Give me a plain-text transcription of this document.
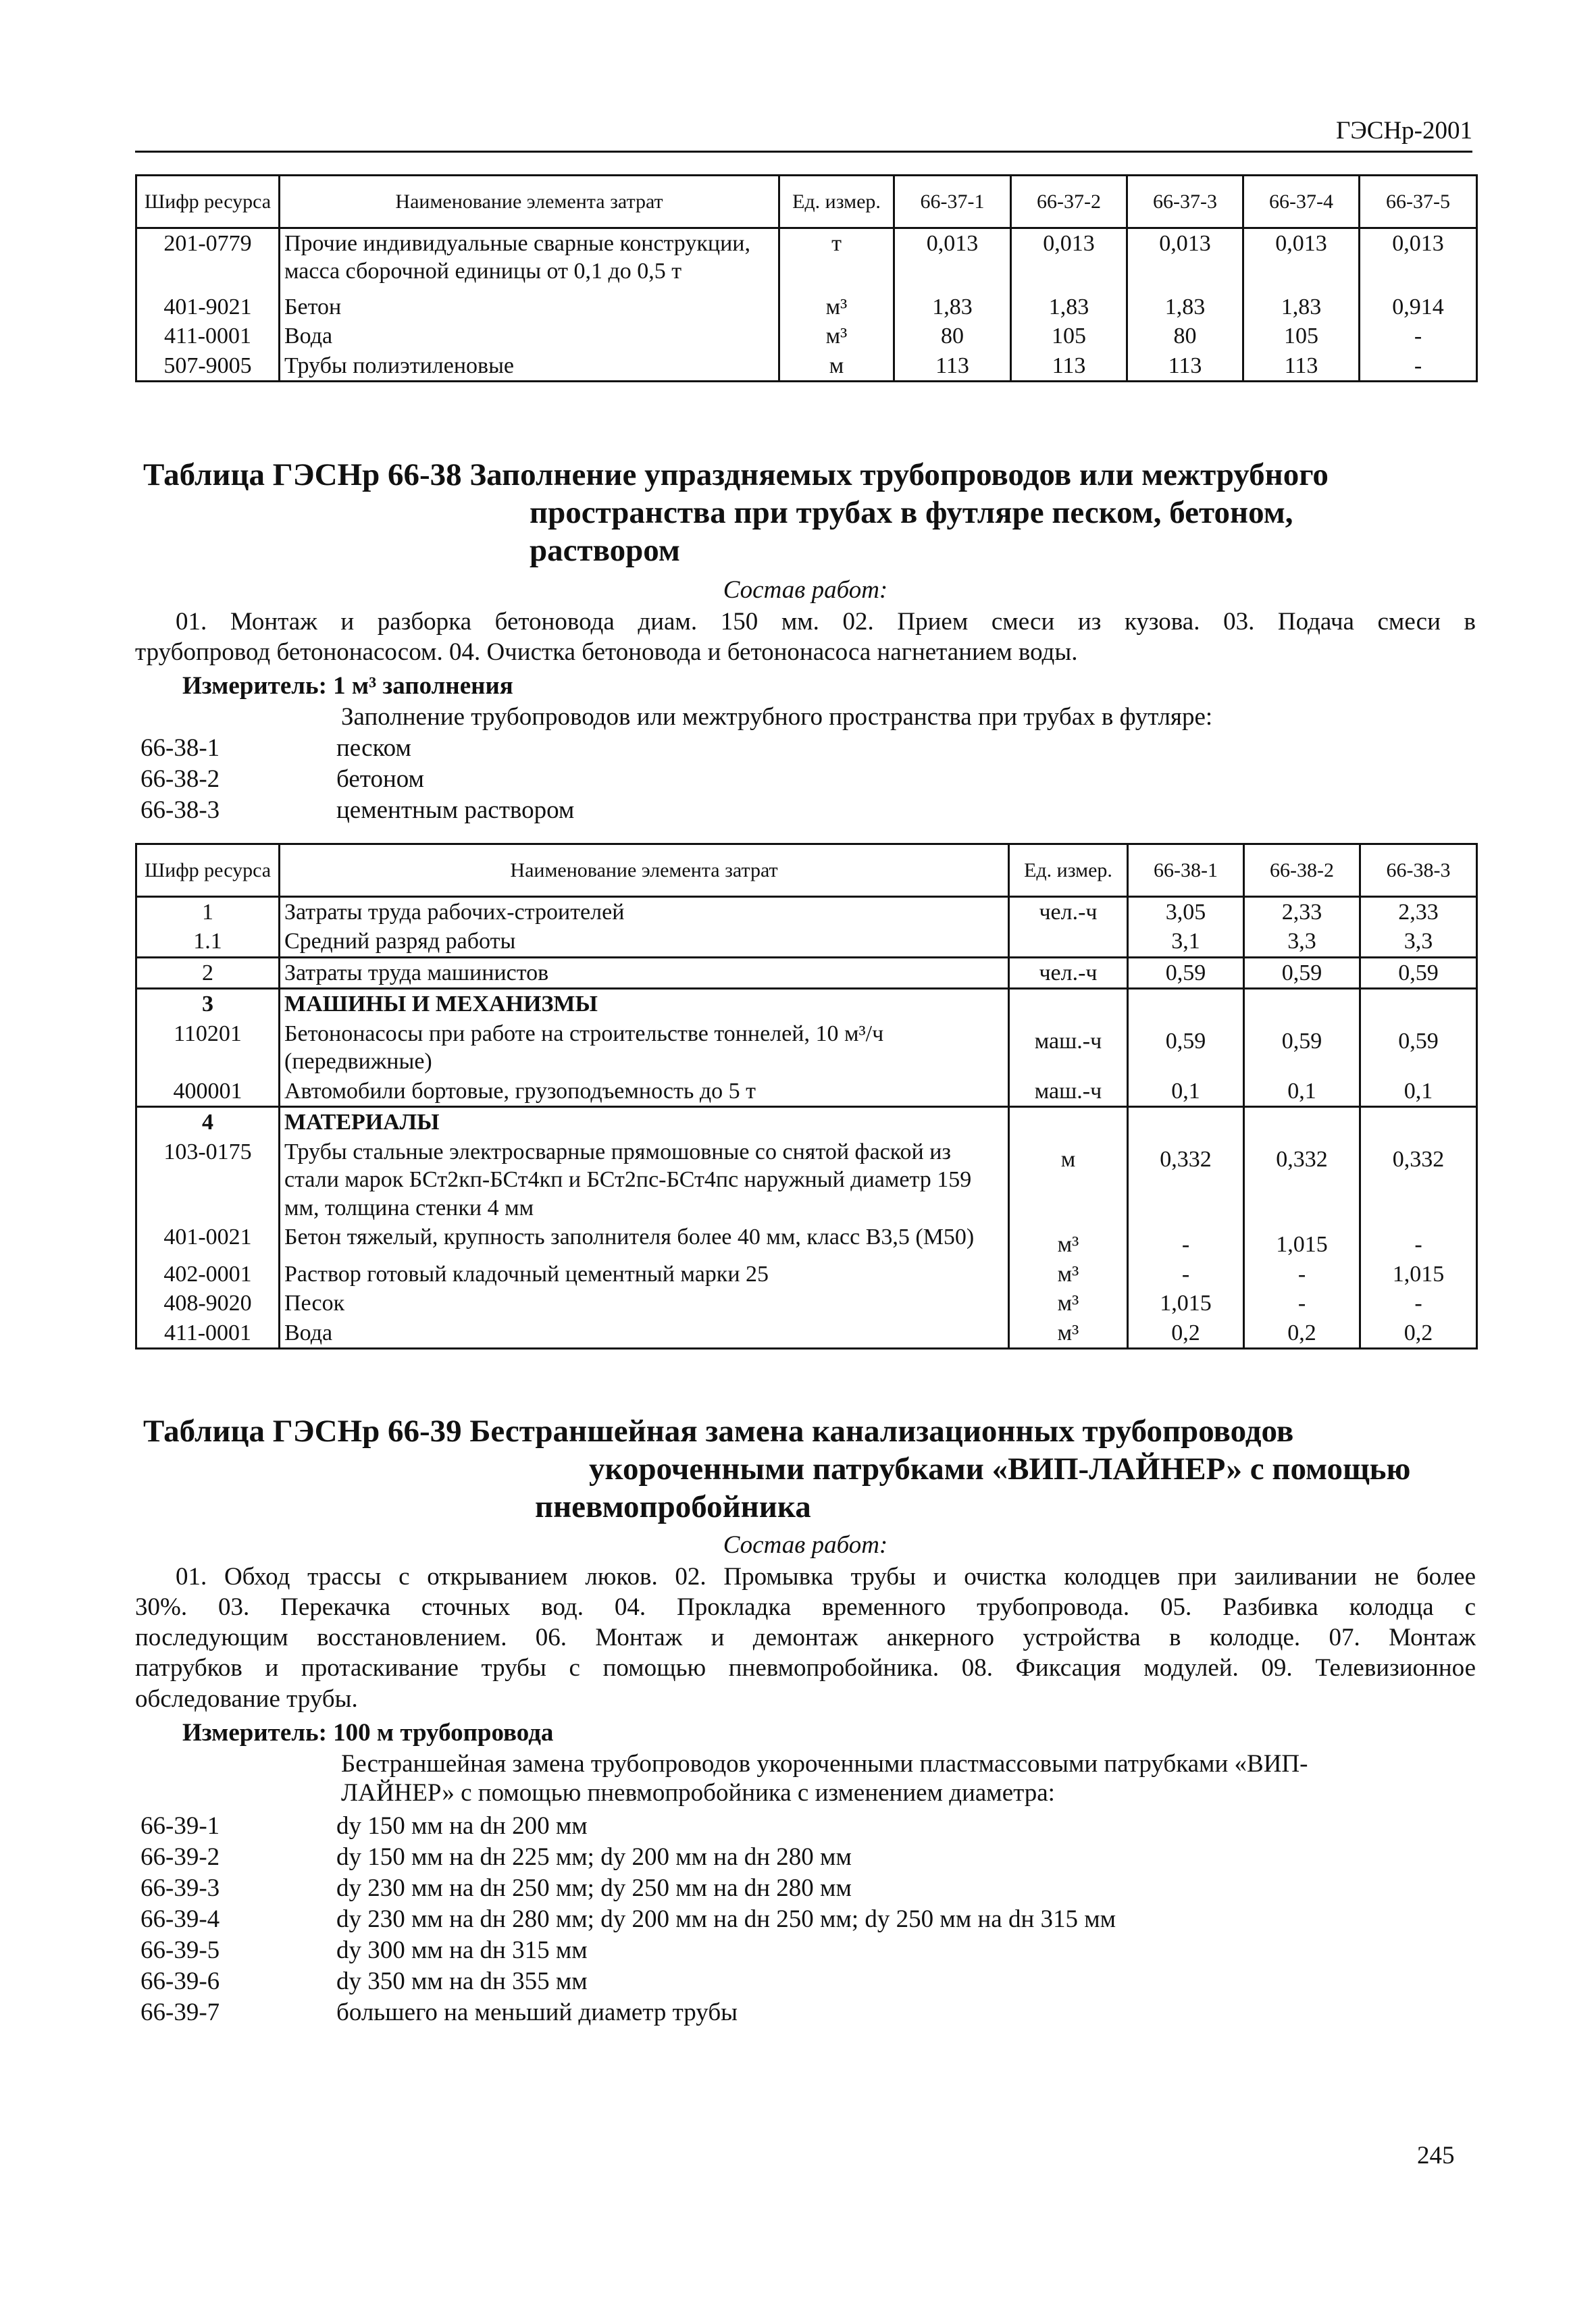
ГЭСНр-2001
Шифр ресурса	Наименование элемента затрат	Ед. измер.	66-37-1	66-37-2	66-37-3	66-37-4	66-37-5
201-0779	Прочие индивидуальные сварные конструкции, масса сборочной единицы от 0,1 до 0,5 т	т	0,013	0,013	0,013	0,013	0,013
401-9021	Бетон	м³	1,83	1,83	1,83	1,83	0,914
411-0001	Вода	м³	80	105	80	105	-
507-9005	Трубы полиэтиленовые	м	113	113	113	113	-
Таблица ГЭСНр 66-38 Заполнение упраздняемых трубопроводов или межтрубного
пространства при трубах в футляре песком, бетоном,
раствором
Состав работ:
01. Монтаж и разборка бетоновода диам. 150 мм. 02. Прием смеси из кузова. 03. Подача смеси в
трубопровод бетононасосом. 04. Очистка бетоновода и бетононасоса нагнетанием воды.
Измеритель: 1 м³ заполнения
Заполнение трубопроводов или межтрубного пространства при трубах в футляре:
66-38-1	песком
66-38-2	бетоном
66-38-3	цементным раствором
Шифр ресурса	Наименование элемента затрат	Ед. измер.	66-38-1	66-38-2	66-38-3
1	Затраты труда рабочих-строителей	чел.-ч	3,05	2,33	2,33
1.1	Средний разряд работы		3,1	3,3	3,3
2	Затраты труда машинистов	чел.-ч	0,59	0,59	0,59
3	МАШИНЫ И МЕХАНИЗМЫ				
110201	Бетононасосы при работе на строительстве тоннелей, 10 м³/ч (передвижные)	маш.-ч	0,59	0,59	0,59
400001	Автомобили бортовые, грузоподъемность до 5 т	маш.-ч	0,1	0,1	0,1
4	МАТЕРИАЛЫ				
103-0175	Трубы стальные электросварные прямошовные со снятой фаской из стали марок БСт2кп-БСт4кп и БСт2пс-БСт4пс наружный диаметр 159 мм, толщина стенки 4 мм	м	0,332	0,332	0,332
401-0021	Бетон тяжелый, крупность заполнителя более 40 мм, класс В3,5 (М50)	м³	-	1,015	-
402-0001	Раствор готовый кладочный цементный марки 25	м³	-	-	1,015
408-9020	Песок	м³	1,015	-	-
411-0001	Вода	м³	0,2	0,2	0,2
Таблица ГЭСНр 66-39 Бестраншейная замена канализационных трубопроводов
укороченными патрубками «ВИП-ЛАЙНЕР» с помощью
пневмопробойника
Состав работ:
01. Обход трассы с открыванием люков. 02. Промывка трубы и очистка колодцев при заиливании не более
30%. 03. Перекачка сточных вод. 04. Прокладка временного трубопровода. 05. Разбивка колодца с
последующим восстановлением. 06. Монтаж и демонтаж анкерного устройства в колодце. 07. Монтаж
патрубков и протаскивание трубы с помощью пневмопробойника. 08. Фиксация модулей. 09. Телевизионное
обследование трубы.
Измеритель: 100 м трубопровода
Бестраншейная замена трубопроводов укороченными пластмассовыми патрубками «ВИП-
ЛАЙНЕР» с помощью пневмопробойника с изменением диаметра:
66-39-1	dy 150 мм на dн 200 мм
66-39-2	dy 150 мм на dн 225 мм; dy 200 мм на dн 280 мм
66-39-3	dy 230 мм на dн 250 мм; dy 250 мм на dн 280 мм
66-39-4	dy 230 мм на dн 280 мм; dy 200 мм на dн 250 мм; dy 250 мм на dн 315 мм
66-39-5	dy 300 мм на dн 315 мм
66-39-6	dy 350 мм на dн 355 мм
66-39-7	большего на меньший диаметр трубы
245
